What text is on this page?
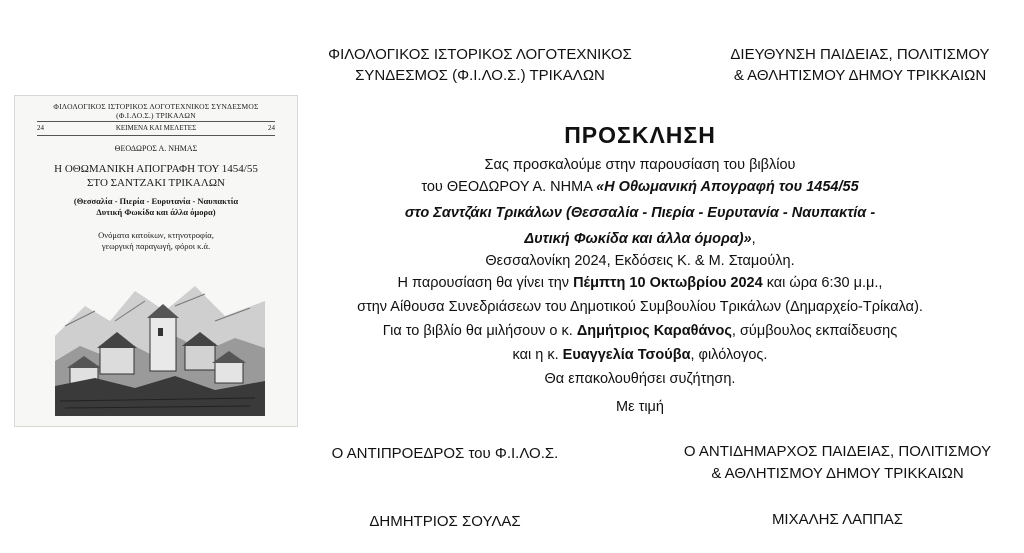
ΦΙΛΟΛΟΓΙΚΟΣ ΙΣΤΟΡΙΚΟΣ ΛΟΓΟΤΕΧΝΙΚΟΣ ΣΥΝΔΕΣΜΟΣ
(Φ.Ι.ΛΟ.Σ.) ΤΡΙΚΑΛΩΝ
24	ΚΕΙΜΕΝΑ ΚΑΙ ΜΕΛΕΤΕΣ	24
ΘΕΟΔΩΡΟΣ Α. ΝΗΜΑΣ
Η ΟΘΩΜΑΝΙΚΗ ΑΠΟΓΡΑΦΗ ΤΟΥ 1454/55
ΣΤΟ ΣΑΝΤΖΑΚΙ ΤΡΙΚΑΛΩΝ
(Θεσσαλία - Πιερία - Ευρυτανία - Ναυπακτία
Δυτική Φωκίδα και άλλα όμορα)
Ονόματα κατοίκων, κτηνοτροφία,
γεωργική παραγωγή, φόροι κ.ά.
ΦΙΛΟΛΟΓΙΚΟΣ ΙΣΤΟΡΙΚΟΣ ΛΟΓΟΤΕΧΝΙΚΟΣ
ΣΥΝΔΕΣΜΟΣ (Φ.Ι.ΛΟ.Σ.) ΤΡΙΚΑΛΩΝ
ΔΙΕΥΘΥΝΣΗ ΠΑΙΔΕΙΑΣ, ΠΟΛΙΤΙΣΜΟΥ
& ΑΘΛΗΤΙΣΜΟΥ ΔΗΜΟΥ ΤΡΙΚΚΑΙΩΝ
ΠΡΟΣΚΛΗΣΗ
Σας προσκαλούμε στην παρουσίαση του βιβλίου
του ΘΕΟΔΩΡΟΥ Α. ΝΗΜΑ «Η Οθωμανική Απογραφή του 1454/55
στο Σαντζάκι Τρικάλων (Θεσσαλία - Πιερία - Ευρυτανία - Ναυπακτία -
Δυτική Φωκίδα και άλλα όμορα)»,
Θεσσαλονίκη 2024, Εκδόσεις Κ. & Μ. Σταμούλη.
Η παρουσίαση θα γίνει την Πέμπτη 10 Οκτωβρίου 2024 και ώρα 6:30 μ.μ.,
στην Αίθουσα Συνεδριάσεων του Δημοτικού Συμβουλίου Τρικάλων (Δημαρχείο-Τρίκαλα).
Για το βιβλίο θα μιλήσουν ο κ. Δημήτριος Καραθάνος, σύμβουλος εκπαίδευσης
και η κ. Ευαγγελία Τσούβα, φιλόλογος.
Θα επακολουθήσει συζήτηση.
Με τιμή
Ο ΑΝΤΙΠΡΟΕΔΡΟΣ του Φ.Ι.ΛΟ.Σ.	Ο ΑΝΤΙΔΗΜΑΡΧΟΣ ΠΑΙΔΕΙΑΣ, ΠΟΛΙΤΙΣΜΟΥ
& ΑΘΛΗΤΙΣΜΟΥ ΔΗΜΟΥ ΤΡΙΚΚΑΙΩΝ
ΔΗΜΗΤΡΙΟΣ ΣΟΥΛΑΣ	ΜΙΧΑΛΗΣ ΛΑΠΠΑΣ
